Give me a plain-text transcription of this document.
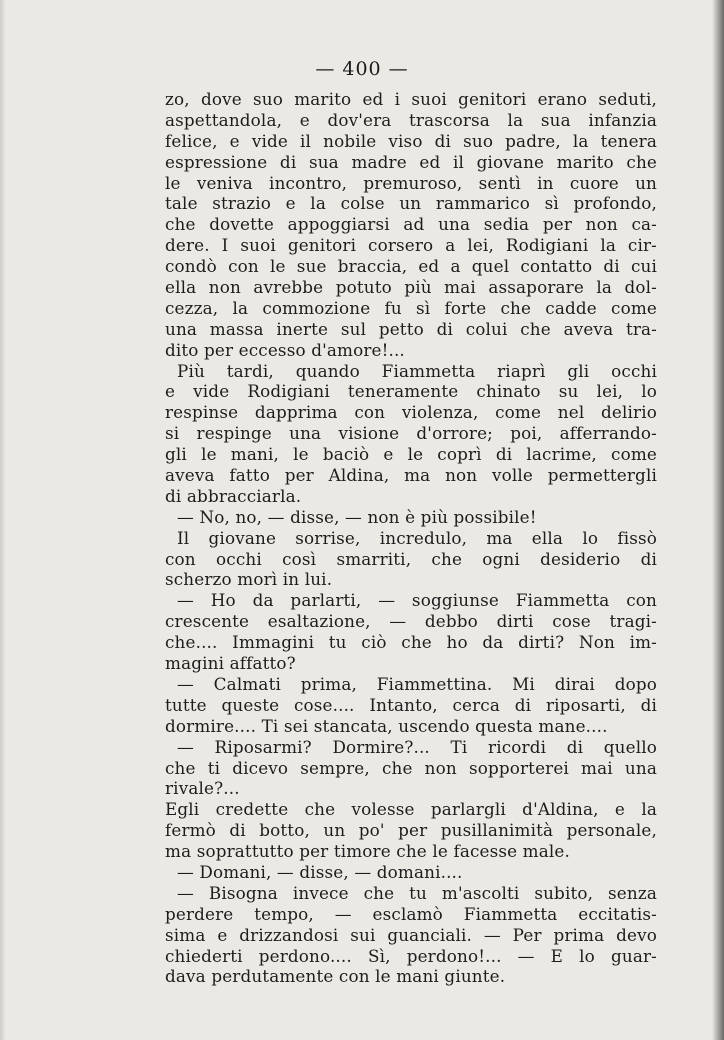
— 400 —
zo, dove suo marito ed i suoi genitori erano seduti,
aspettandola, e dov'era trascorsa la sua infanzia
felice, e vide il nobile viso di suo padre, la tenera
espressione di sua madre ed il giovane marito che
le veniva incontro, premuroso, sentì in cuore un
tale strazio e la colse un rammarico sì profondo,
che dovette appoggiarsi ad una sedia per non ca-
dere. I suoi genitori corsero a lei, Rodigiani la cir-
condò con le sue braccia, ed a quel contatto di cui
ella non avrebbe potuto più mai assaporare la dol-
cezza, la commozione fu sì forte che cadde come
una massa inerte sul petto di colui che aveva tra-
dito per eccesso d'amore!...
Più tardi, quando Fiammetta riaprì gli occhi
e vide Rodigiani teneramente chinato su lei, lo
respinse dapprima con violenza, come nel delirio
si respinge una visione d'orrore; poi, afferrando-
gli le mani, le baciò e le coprì di lacrime, come
aveva fatto per Aldina, ma non volle permettergli
di abbracciarla.
— No, no, — disse, — non è più possibile!
Il giovane sorrise, incredulo, ma ella lo fissò
con occhi così smarriti, che ogni desiderio di
scherzo morì in lui.
— Ho da parlarti, — soggiunse Fiammetta con
crescente esaltazione, — debbo dirti cose tragi-
che.... Immagini tu ciò che ho da dirti? Non im-
magini affatto?
— Calmati prima, Fiammettina. Mi dirai dopo
tutte queste cose.... Intanto, cerca di riposarti, di
dormire.... Ti sei stancata, uscendo questa mane....
— Riposarmi? Dormire?... Ti ricordi di quello
che ti dicevo sempre, che non sopporterei mai una
rivale?...
Egli credette che volesse parlargli d'Aldina, e la
fermò di botto, un po' per pusillanimità personale,
ma soprattutto per timore che le facesse male.
— Domani, — disse, — domani....
— Bisogna invece che tu m'ascolti subito, senza
perdere tempo, — esclamò Fiammetta eccitatis-
sima e drizzandosi sui guanciali. — Per prima devo
chiederti perdono.... Sì, perdono!... — E lo guar-
dava perdutamente con le mani giunte.
